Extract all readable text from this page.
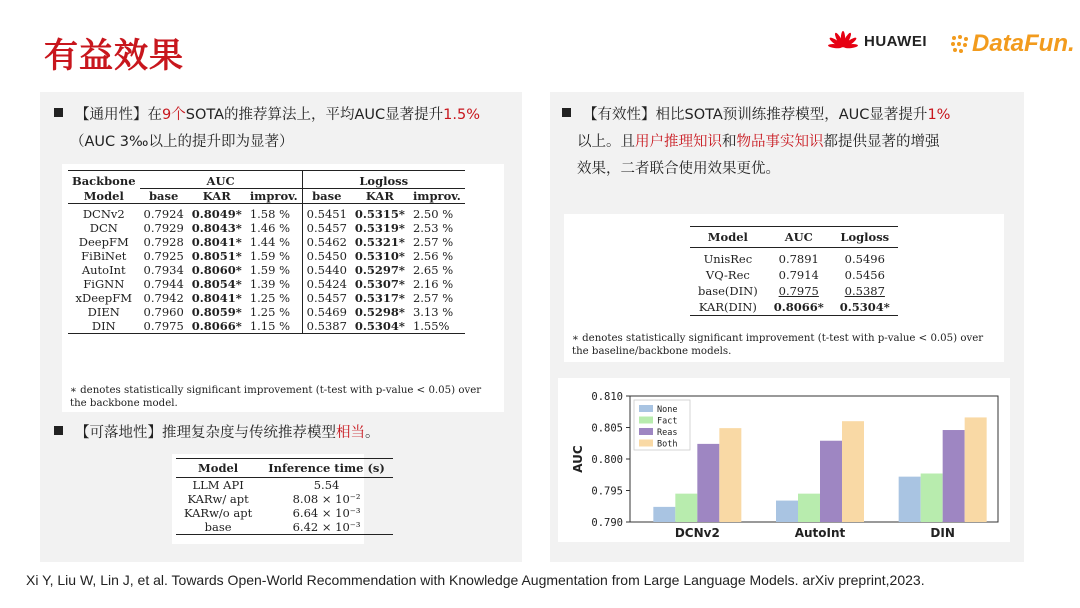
有益效果	HUAWEI DataFun.
【通用性】在9个SOTA的推荐算法上，平均AUC显著提升1.5%
（AUC 3‰以上的提升即为显著）
Backbone	AUC			Logloss		
Model	base	KAR	improv.	base	KAR	improv.
DCNv2	0.7924	0.8049*	1.58 %	0.5451	0.5315*	2.50 %
DCN	0.7929	0.8043*	1.46 %	0.5457	0.5319*	2.53 %
DeepFM	0.7928	0.8041*	1.44 %	0.5462	0.5321*	2.57 %
FiBiNet	0.7925	0.8051*	1.59 %	0.5450	0.5310*	2.56 %
AutoInt	0.7934	0.8060*	1.59 %	0.5440	0.5297*	2.65 %
FiGNN	0.7944	0.8054*	1.39 %	0.5424	0.5307*	2.16 %
xDeepFM	0.7942	0.8041*	1.25 %	0.5457	0.5317*	2.57 %
DIEN	0.7960	0.8059*	1.25 %	0.5469	0.5298*	3.13 %
DIN	0.7975	0.8066*	1.15 %	0.5387	0.5304*	1.55%
∗ denotes statistically significant improvement (t-test with p-value < 0.05) over the backbone model.
【可落地性】推理复杂度与传统推荐模型相当。
Model	Inference time (s)
LLM API	5.54
KARw/ apt	8.08 × 10⁻²
KARw/o apt	6.64 × 10⁻³
base	6.42 × 10⁻³
【有效性】相比SOTA预训练推荐模型，AUC显著提升1%
以上。且用户推理知识和物品事实知识都提供显著的增强
效果，二者联合使用效果更优。
Model	AUC	Logloss
UnisRec	0.7891	0.5496
VQ-Rec	0.7914	0.5456
base(DIN)	0.7975	0.5387
KAR(DIN)	0.8066*	0.5304*
∗ denotes statistically significant improvement (t-test with p-value < 0.05) over the baseline/backbone models.
0.790
0.795
0.800
0.805
0.810
AUC
DCNv2	AutoInt	DIN
None
Fact
Reas
Both
Xi Y, Liu W, Lin J, et al. Towards Open-World Recommendation with Knowledge Augmentation from Large Language Models. arXiv preprint,2023.
